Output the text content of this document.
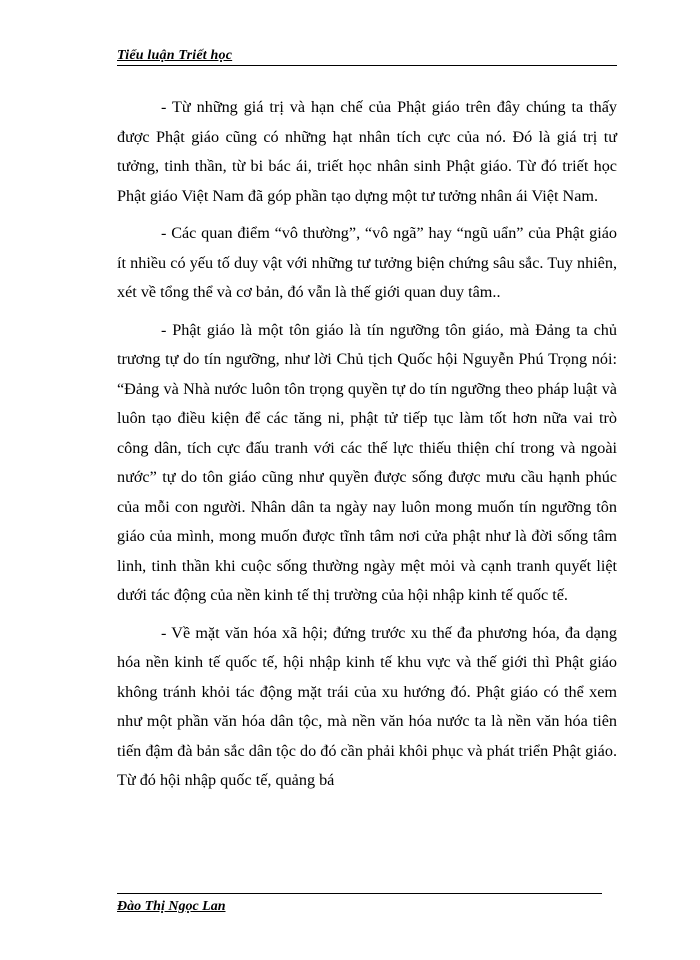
Tiểu luận Triết học

- Từ những giá trị và hạn chế của Phật giáo trên đây chúng ta thấy được Phật giáo cũng có những hạt nhân tích cực của nó. Đó là giá trị tư tưởng, tinh thần, từ bi bác ái, triết học nhân sinh Phật giáo. Từ đó triết học Phật giáo Việt Nam đã góp phần tạo dựng một tư tưởng nhân ái Việt Nam.

- Các quan điểm “vô thường”, “vô ngã” hay “ngũ uẩn” của Phật giáo ít nhiều có yếu tố duy vật với những tư tưởng biện chứng sâu sắc. Tuy nhiên, xét về tổng thể và cơ bản, đó vẫn là thế giới quan duy tâm..

- Phật giáo là một tôn giáo là tín ngưỡng tôn giáo, mà Đảng ta chủ trương tự do tín ngưỡng, như lời Chủ tịch Quốc hội Nguyễn Phú Trọng nói: “Đảng và Nhà nước luôn tôn trọng quyền tự do tín ngưỡng theo pháp luật và luôn tạo điều kiện để các tăng ni, phật tử tiếp tục làm tốt hơn nữa vai trò công dân, tích cực đấu tranh với các thế lực thiếu thiện chí trong và ngoài nước” tự do tôn giáo cũng như quyền được sống được mưu cầu hạnh phúc của mỗi con người. Nhân dân ta ngày nay luôn mong muốn tín ngưỡng tôn giáo của mình, mong muốn được tĩnh tâm nơi cửa phật như là đời sống tâm linh, tinh thần khi cuộc sống thường ngày mệt mỏi và cạnh tranh quyết liệt dưới tác động của nền kinh tế thị trường của hội nhập kinh tế quốc tế.

- Về mặt văn hóa xã hội; đứng trước xu thế đa phương hóa, đa dạng hóa nền kinh tế quốc tế, hội nhập kinh tế khu vực và thế giới thì Phật giáo không tránh khỏi tác động mặt trái của xu hướng đó. Phật giáo có thể xem như một phần văn hóa dân tộc, mà nền văn hóa nước ta là nền văn hóa tiên tiến đậm đà bản sắc dân tộc do đó cần phải khôi phục và phát triển Phật giáo. Từ đó hội nhập quốc tế, quảng bá

Đào Thị Ngọc Lan
